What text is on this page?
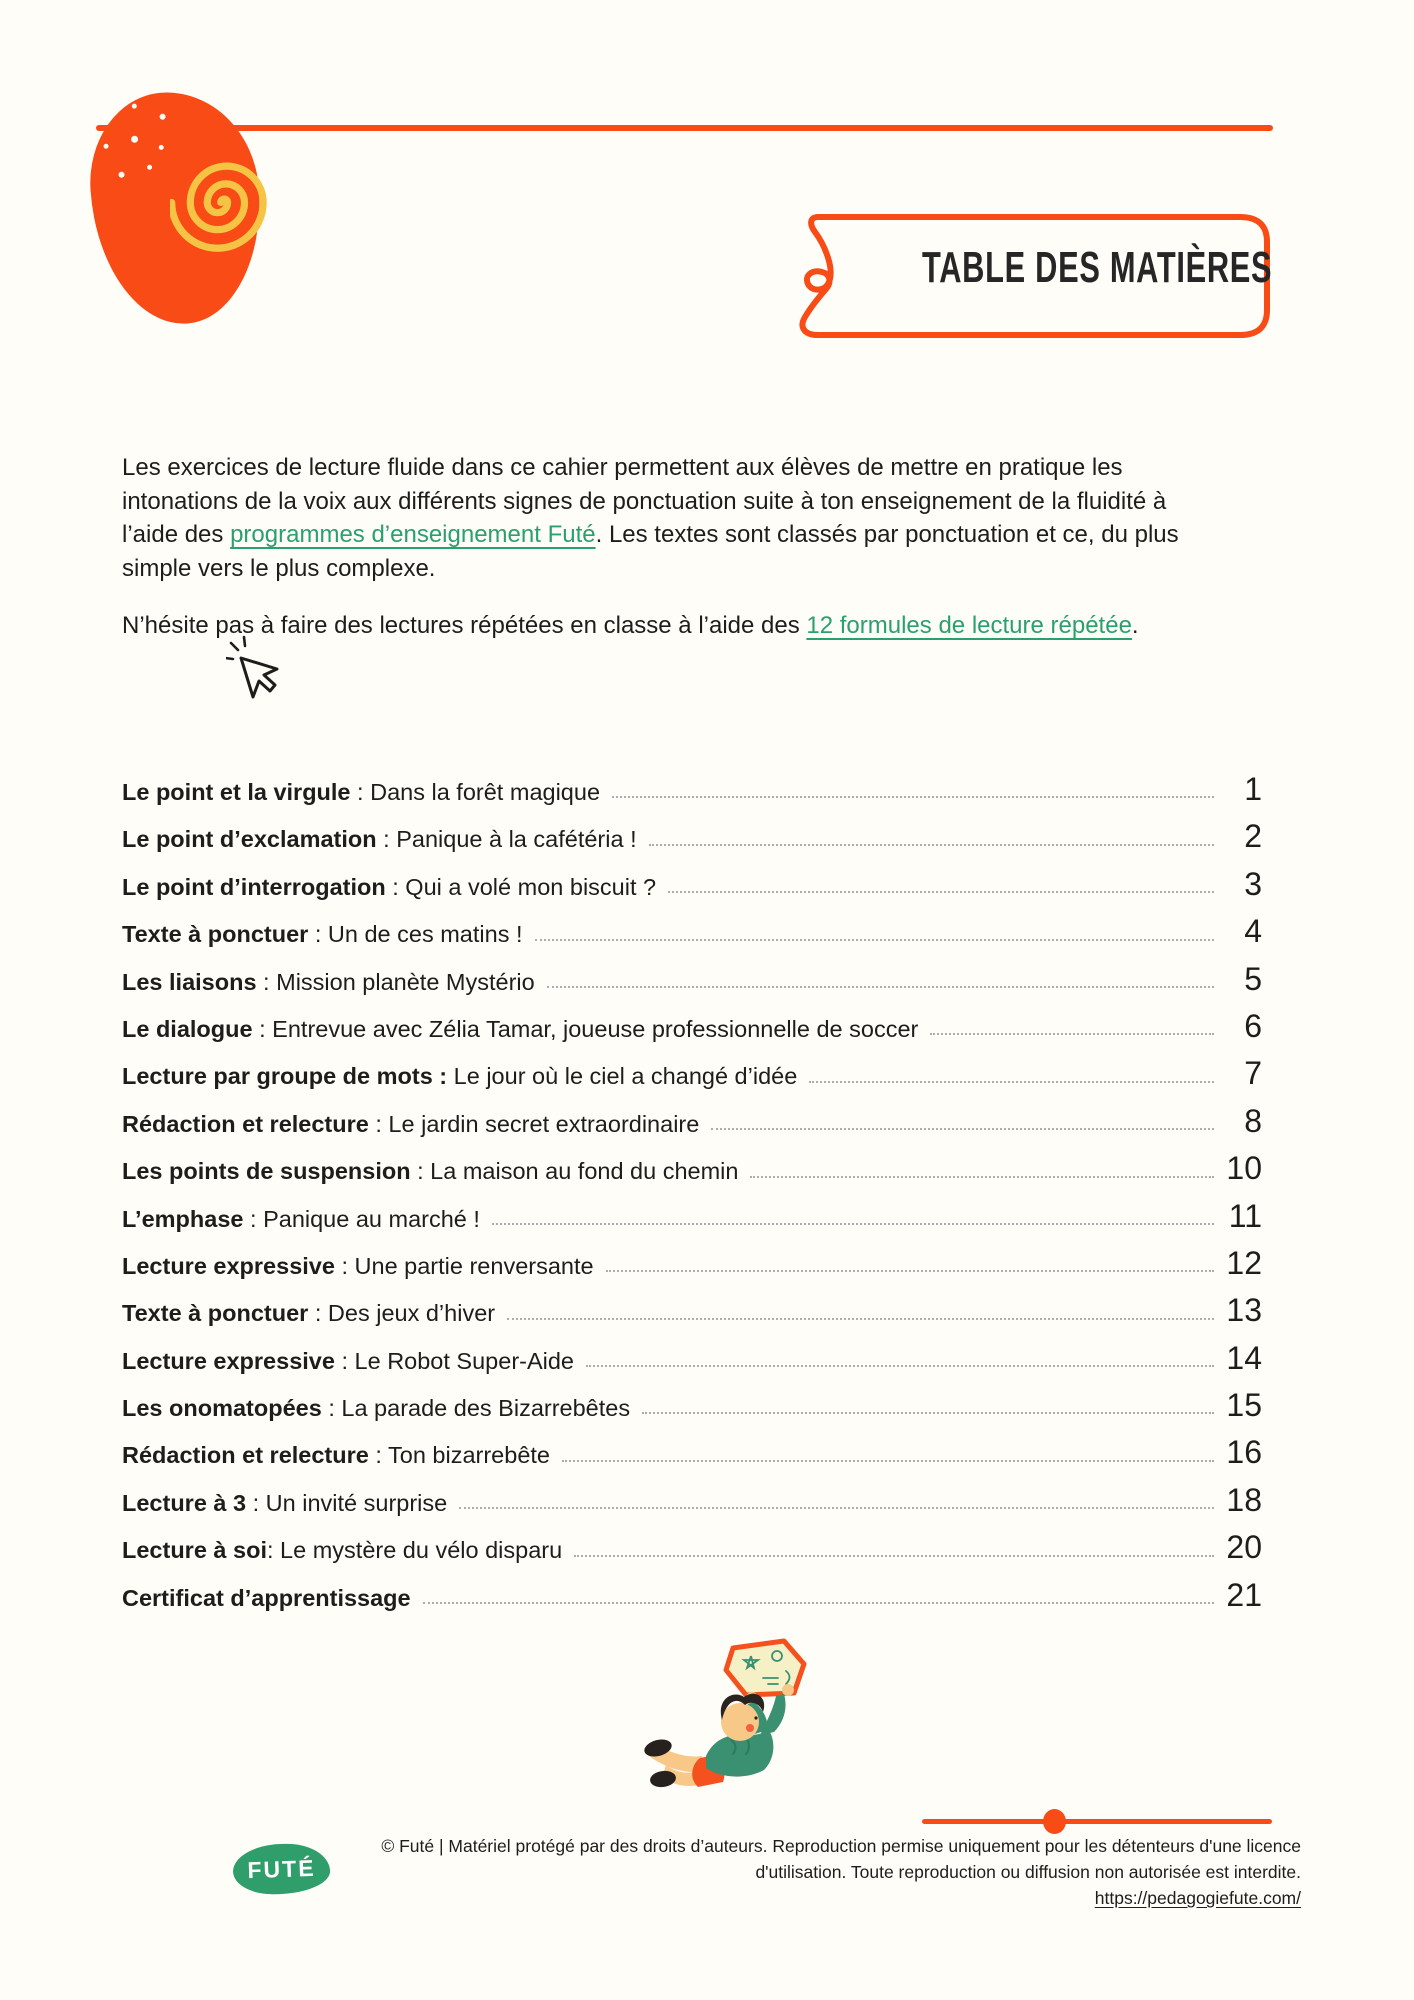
TABLE DES MATIÈRES
Les exercices de lecture fluide dans ce cahier permettent aux élèves de mettre en pratique les
intonations de la voix aux différents signes de ponctuation suite à ton enseignement de la fluidité à
l’aide des programmes d’enseignement Futé. Les textes sont classés par ponctuation et ce, du plus
simple vers le plus complexe.
N’hésite pas à faire des lectures répétées en classe à l’aide des 12 formules de lecture répétée.
Le point et la virgule : Dans la forêt magique	1
Le point d’exclamation : Panique à la cafétéria !	2
Le point d’interrogation : Qui a volé mon biscuit ?	3
Texte à ponctuer : Un de ces matins !	4
Les liaisons : Mission planète Mystério	5
Le dialogue : Entrevue avec Zélia Tamar, joueuse professionnelle de soccer	6
Lecture par groupe de mots : Le jour où le ciel a changé d’idée	7
Rédaction et relecture : Le jardin secret extraordinaire	8
Les points de suspension : La maison au fond du chemin	10
L’emphase : Panique au marché !	11
Lecture expressive : Une partie renversante	12
Texte à ponctuer : Des jeux d’hiver	13
Lecture expressive : Le Robot Super-Aide	14
Les onomatopées : La parade des Bizarrebêtes	15
Rédaction et relecture : Ton bizarrebête	16
Lecture à 3 : Un invité surprise	18
Lecture à soi : Le mystère du vélo disparu	20
Certificat d’apprentissage	21
FUTÉ
© Futé | Matériel protégé par des droits d’auteurs. Reproduction permise uniquement pour les détenteurs d'une licence
d'utilisation. Toute reproduction ou diffusion non autorisée est interdite.
https://pedagogiefute.com/
